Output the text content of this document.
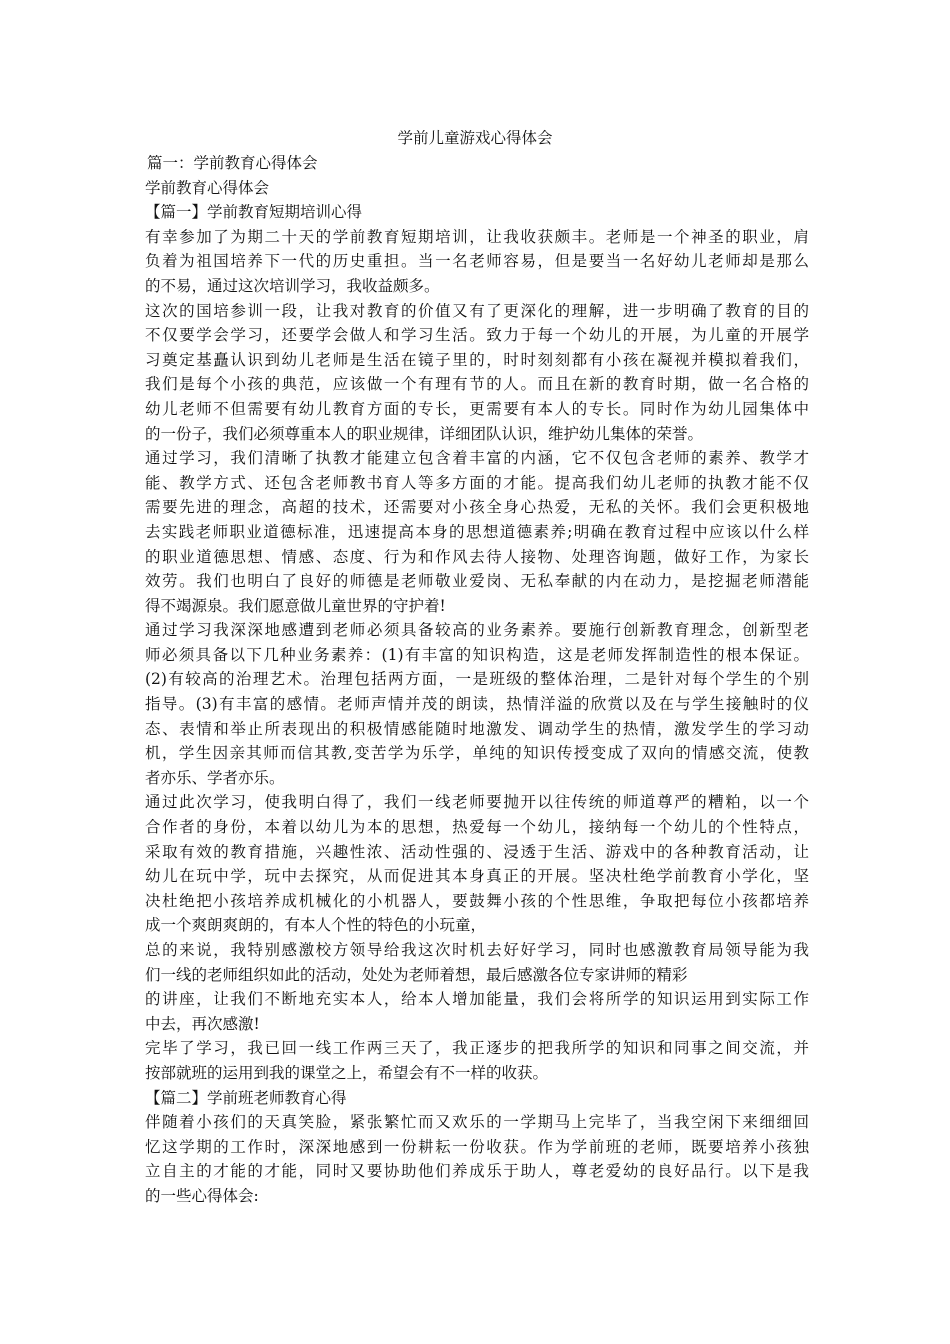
学前儿童游戏心得体会
篇一：学前教育心得体会
学前教育心得体会
【篇一】学前教育短期培训心得
有幸参加了为期二十天的学前教育短期培训，让我收获颇丰。老师是一个神圣的职业，肩
负着为祖国培养下一代的历史重担。当一名老师容易，但是要当一名好幼儿老师却是那么
的不易，通过这次培训学习，我收益颇多。
这次的国培参训一段，让我对教育的价值又有了更深化的理解，进一步明确了教育的目的
不仅要学会学习，还要学会做人和学习生活。致力于每一个幼儿的开展，为儿童的开展学
习奠定基矗认识到幼儿老师是生活在镜子里的，时时刻刻都有小孩在凝视并模拟着我们，
我们是每个小孩的典范，应该做一个有理有节的人。而且在新的教育时期，做一名合格的
幼儿老师不但需要有幼儿教育方面的专长，更需要有本人的专长。同时作为幼儿园集体中
的一份子，我们必须尊重本人的职业规律，详细团队认识，维护幼儿集体的荣誉。
通过学习，我们清晰了执教才能建立包含着丰富的内涵，它不仅包含老师的素养、教学才
能、教学方式、还包含老师教书育人等多方面的才能。提高我们幼儿老师的执教才能不仅
需要先进的理念，高超的技术，还需要对小孩全身心热爱，无私的关怀。我们会更积极地
去实践老师职业道德标准，迅速提高本身的思想道德素养;明确在教育过程中应该以什么样
的职业道德思想、情感、态度、行为和作风去待人接物、处理咨询题，做好工作，为家长
效劳。我们也明白了良好的师德是老师敬业爱岗、无私奉献的内在动力，是挖掘老师潜能
得不竭源泉。我们愿意做儿童世界的守护着!
通过学习我深深地感遭到老师必须具备较高的业务素养。要施行创新教育理念，创新型老
师必须具备以下几种业务素养：(1)有丰富的知识构造，这是老师发挥制造性的根本保证。
(2)有较高的治理艺术。治理包括两方面，一是班级的整体治理，二是针对每个学生的个别
指导。(3)有丰富的感情。老师声情并茂的朗读，热情洋溢的欣赏以及在与学生接触时的仪
态、表情和举止所表现出的积极情感能随时地激发、调动学生的热情，激发学生的学习动
机，学生因亲其师而信其教,变苦学为乐学，单纯的知识传授变成了双向的情感交流，使教
者亦乐、学者亦乐。
通过此次学习，使我明白得了，我们一线老师要抛开以往传统的师道尊严的糟粕，以一个
合作者的身份，本着以幼儿为本的思想，热爱每一个幼儿，接纳每一个幼儿的个性特点，
采取有效的教育措施，兴趣性浓、活动性强的、浸透于生活、游戏中的各种教育活动，让
幼儿在玩中学，玩中去探究，从而促进其本身真正的开展。坚决杜绝学前教育小学化，坚
决杜绝把小孩培养成机械化的小机器人，要鼓舞小孩的个性思维，争取把每位小孩都培养
成一个爽朗爽朗的，有本人个性的特色的小玩童，
总的来说，我特别感激校方领导给我这次时机去好好学习，同时也感激教育局领导能为我
们一线的老师组织如此的活动，处处为老师着想，最后感激各位专家讲师的精彩
的讲座，让我们不断地充实本人，给本人增加能量，我们会将所学的知识运用到实际工作
中去，再次感激!
完毕了学习，我已回一线工作两三天了，我正逐步的把我所学的知识和同事之间交流，并
按部就班的运用到我的课堂之上，希望会有不一样的收获。
【篇二】学前班老师教育心得
伴随着小孩们的天真笑脸，紧张繁忙而又欢乐的一学期马上完毕了，当我空闲下来细细回
忆这学期的工作时，深深地感到一份耕耘一份收获。作为学前班的老师，既要培养小孩独
立自主的才能的才能，同时又要协助他们养成乐于助人，尊老爱幼的良好品行。以下是我
的一些心得体会:
